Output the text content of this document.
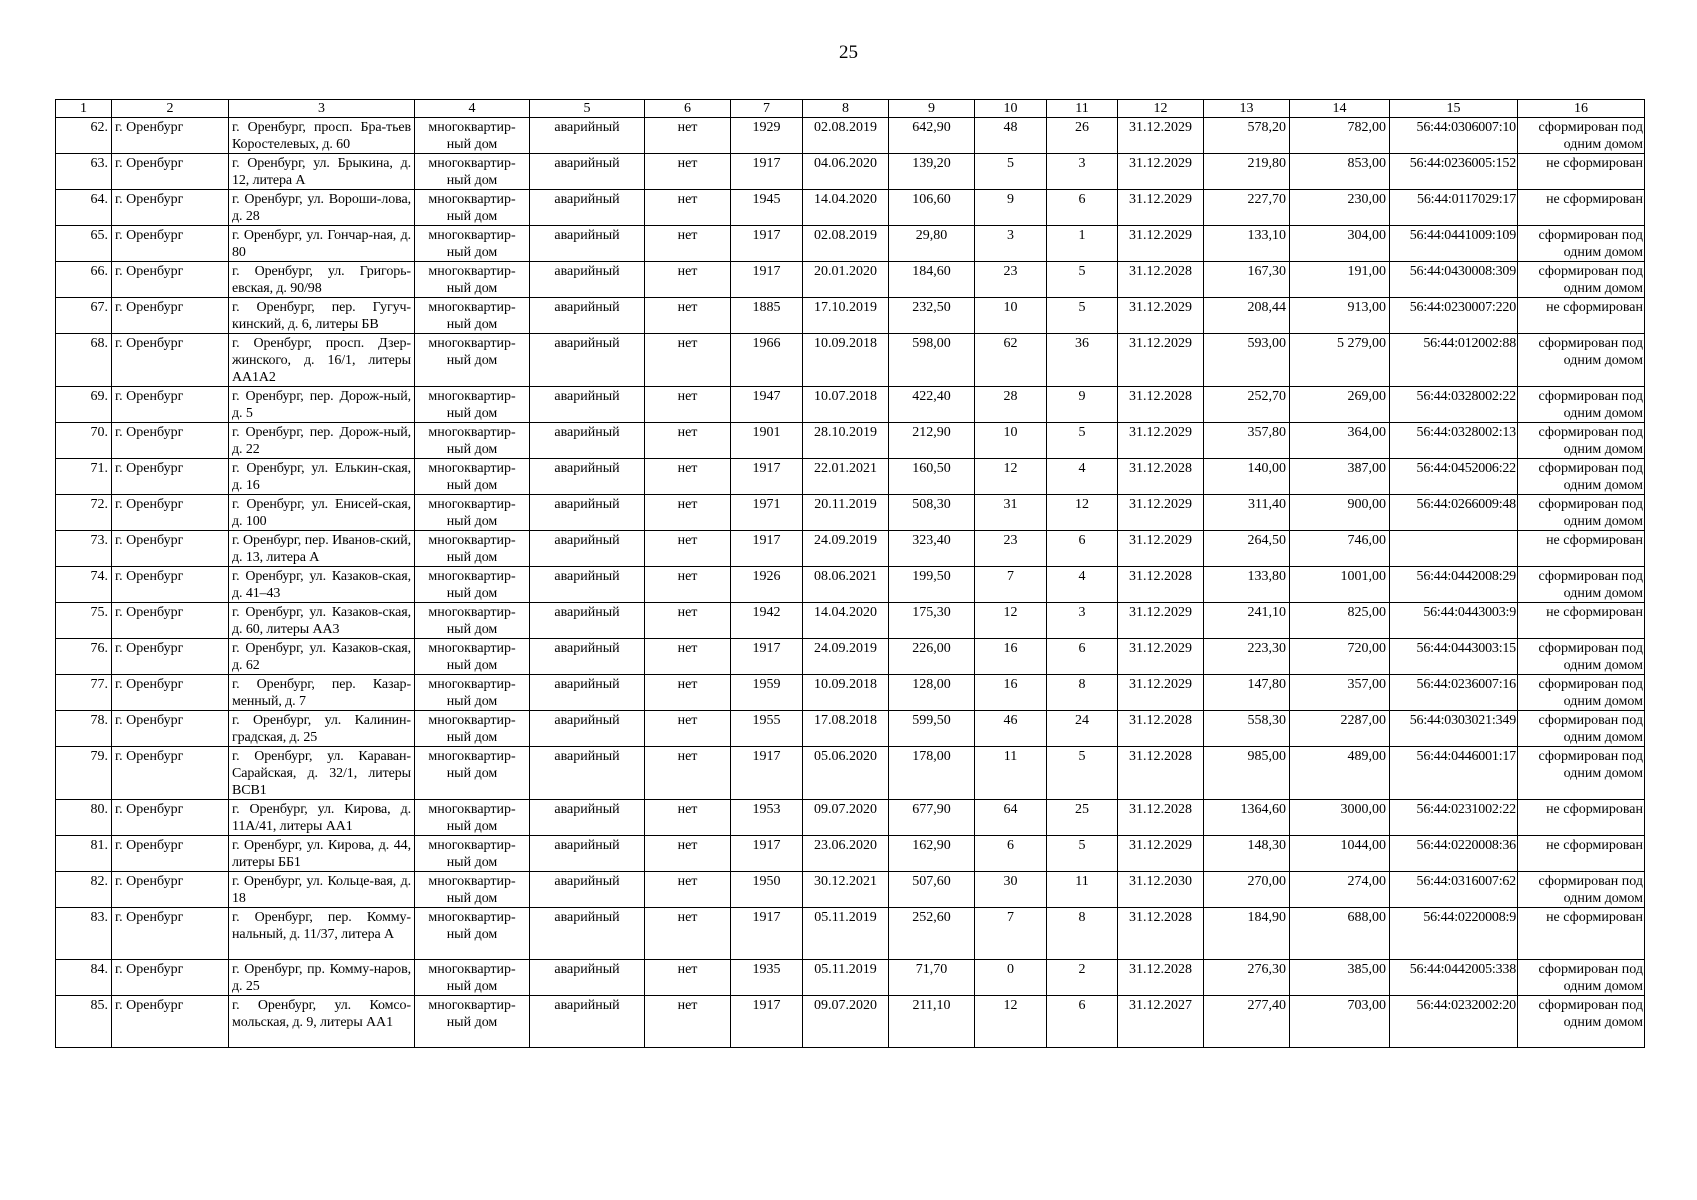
25
1	2	3	4	5	6	7	8	9	10	11	12	13	14	15	16
62.	г. Оренбург	г. Оренбург, просп. Бра-тьев Коростелевых, д. 60	многоквартир-ный дом	аварийный	нет	1929	02.08.2019	642,90	48	26	31.12.2029	578,20	782,00	56:44:0306007:10	сформирован под одним домом
63.	г. Оренбург	г. Оренбург, ул. Брыкина, д. 12, литера А	многоквартир-ный дом	аварийный	нет	1917	04.06.2020	139,20	5	3	31.12.2029	219,80	853,00	56:44:0236005:152	не сформирован
64.	г. Оренбург	г. Оренбург, ул. Вороши-лова, д. 28	многоквартир-ный дом	аварийный	нет	1945	14.04.2020	106,60	9	6	31.12.2029	227,70	230,00	56:44:0117029:17	не сформирован
65.	г. Оренбург	г. Оренбург, ул. Гончар-ная, д. 80	многоквартир-ный дом	аварийный	нет	1917	02.08.2019	29,80	3	1	31.12.2029	133,10	304,00	56:44:0441009:109	сформирован под одним домом
66.	г. Оренбург	г. Оренбург, ул. Григорь-евская, д. 90/98	многоквартир-ный дом	аварийный	нет	1917	20.01.2020	184,60	23	5	31.12.2028	167,30	191,00	56:44:0430008:309	сформирован под одним домом
67.	г. Оренбург	г. Оренбург, пер. Гугуч-кинский, д. 6, литеры БВ	многоквартир-ный дом	аварийный	нет	1885	17.10.2019	232,50	10	5	31.12.2029	208,44	913,00	56:44:0230007:220	не сформирован
68.	г. Оренбург	г. Оренбург, просп. Дзер-жинского, д. 16/1, литеры АА1А2	многоквартир-ный дом	аварийный	нет	1966	10.09.2018	598,00	62	36	31.12.2029	593,00	5 279,00	56:44:012002:88	сформирован под одним домом
69.	г. Оренбург	г. Оренбург, пер. Дорож-ный, д. 5	многоквартир-ный дом	аварийный	нет	1947	10.07.2018	422,40	28	9	31.12.2028	252,70	269,00	56:44:0328002:22	сформирован под одним домом
70.	г. Оренбург	г. Оренбург, пер. Дорож-ный, д. 22	многоквартир-ный дом	аварийный	нет	1901	28.10.2019	212,90	10	5	31.12.2029	357,80	364,00	56:44:0328002:13	сформирован под одним домом
71.	г. Оренбург	г. Оренбург, ул. Елькин-ская, д. 16	многоквартир-ный дом	аварийный	нет	1917	22.01.2021	160,50	12	4	31.12.2028	140,00	387,00	56:44:0452006:22	сформирован под одним домом
72.	г. Оренбург	г. Оренбург, ул. Енисей-ская, д. 100	многоквартир-ный дом	аварийный	нет	1971	20.11.2019	508,30	31	12	31.12.2029	311,40	900,00	56:44:0266009:48	сформирован под одним домом
73.	г. Оренбург	г. Оренбург, пер. Иванов-ский, д. 13, литера А	многоквартир-ный дом	аварийный	нет	1917	24.09.2019	323,40	23	6	31.12.2029	264,50	746,00		не сформирован
74.	г. Оренбург	г. Оренбург, ул. Казаков-ская, д. 41–43	многоквартир-ный дом	аварийный	нет	1926	08.06.2021	199,50	7	4	31.12.2028	133,80	1001,00	56:44:0442008:29	сформирован под одним домом
75.	г. Оренбург	г. Оренбург, ул. Казаков-ская, д. 60, литеры АА3	многоквартир-ный дом	аварийный	нет	1942	14.04.2020	175,30	12	3	31.12.2029	241,10	825,00	56:44:0443003:9	не сформирован
76.	г. Оренбург	г. Оренбург, ул. Казаков-ская, д. 62	многоквартир-ный дом	аварийный	нет	1917	24.09.2019	226,00	16	6	31.12.2029	223,30	720,00	56:44:0443003:15	сформирован под одним домом
77.	г. Оренбург	г. Оренбург, пер. Казар-менный, д. 7	многоквартир-ный дом	аварийный	нет	1959	10.09.2018	128,00	16	8	31.12.2029	147,80	357,00	56:44:0236007:16	сформирован под одним домом
78.	г. Оренбург	г. Оренбург, ул. Калинин-градская, д. 25	многоквартир-ный дом	аварийный	нет	1955	17.08.2018	599,50	46	24	31.12.2028	558,30	2287,00	56:44:0303021:349	сформирован под одним домом
79.	г. Оренбург	г. Оренбург, ул. Караван-Сарайская, д. 32/1, литеры ВСВ1	многоквартир-ный дом	аварийный	нет	1917	05.06.2020	178,00	11	5	31.12.2028	985,00	489,00	56:44:0446001:17	сформирован под одним домом
80.	г. Оренбург	г. Оренбург, ул. Кирова, д. 11А/41, литеры АА1	многоквартир-ный дом	аварийный	нет	1953	09.07.2020	677,90	64	25	31.12.2028	1364,60	3000,00	56:44:0231002:22	не сформирован
81.	г. Оренбург	г. Оренбург, ул. Кирова, д. 44, литеры ББ1	многоквартир-ный дом	аварийный	нет	1917	23.06.2020	162,90	6	5	31.12.2029	148,30	1044,00	56:44:0220008:36	не сформирован
82.	г. Оренбург	г. Оренбург, ул. Кольце-вая, д. 18	многоквартир-ный дом	аварийный	нет	1950	30.12.2021	507,60	30	11	31.12.2030	270,00	274,00	56:44:0316007:62	сформирован под одним домом
83.	г. Оренбург	г. Оренбург, пер. Комму-нальный, д. 11/37, литера А	многоквартир-ный дом	аварийный	нет	1917	05.11.2019	252,60	7	8	31.12.2028	184,90	688,00	56:44:0220008:9	не сформирован
84.	г. Оренбург	г. Оренбург, пр. Комму-наров, д. 25	многоквартир-ный дом	аварийный	нет	1935	05.11.2019	71,70	0	2	31.12.2028	276,30	385,00	56:44:0442005:338	сформирован под одним домом
85.	г. Оренбург	г. Оренбург, ул. Комсо-мольская, д. 9, литеры АА1	многоквартир-ный дом	аварийный	нет	1917	09.07.2020	211,10	12	6	31.12.2027	277,40	703,00	56:44:0232002:20	сформирован под одним домом
